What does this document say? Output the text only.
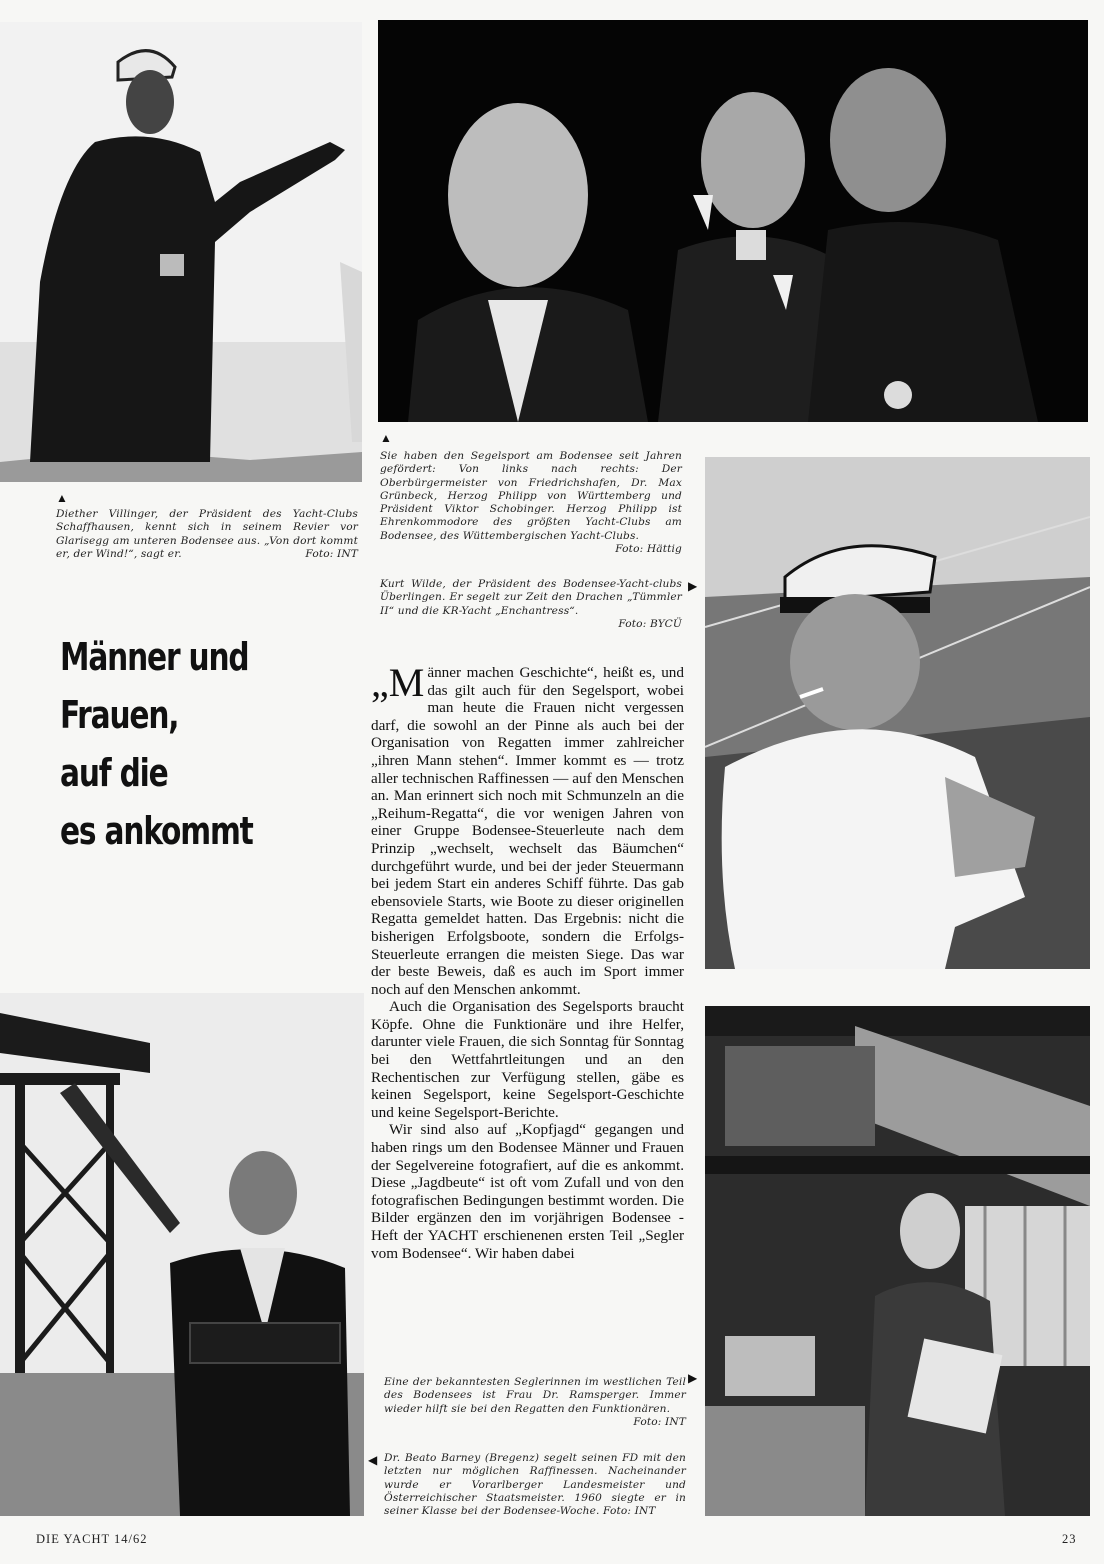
▲
Diether Villinger, der Präsident des Yacht-Clubs Schaffhausen, kennt sich in seinem Revier vor Glarisegg am unteren Bodensee aus. „Von dort kommt er, der Wind!“, sagt er.	Foto: INT
▲
Sie haben den Segelsport am Bodensee seit Jahren gefördert: Von links nach rechts: Der Oberbürgermeister von Friedrichshafen, Dr. Max Grünbeck, Herzog Philipp von Württemberg und Präsident Viktor Schobinger. Herzog Philipp ist Ehrenkommodore des größten Yacht-Clubs am Bodensee, des Wüttembergischen Yacht-Clubs.
Foto: Hättig
Kurt Wilde, der Präsident des Bodensee-Yacht-clubs Überlingen. Er segelt zur Zeit den Drachen „Tümmler II“ und die KR-Yacht „Enchantress“.
Foto: BYCÜ
▶
Männer und
Frauen,
auf die
es ankommt

„Männer machen Geschichte“, heißt es, und das gilt auch für den Segelsport, wobei man heute die Frauen nicht vergessen darf, die sowohl an der Pinne als auch bei der Organisation von Regatten immer zahlreicher „ihren Mann stehen“. Immer kommt es — trotz aller technischen Raffinessen — auf den Menschen an. Man erinnert sich noch mit Schmunzeln an die „Reihum-Regatta“, die vor wenigen Jahren von einer Gruppe Bodensee-Steuerleute nach dem Prinzip „wechselt, wechselt das Bäumchen“ durchgeführt wurde, und bei der jeder Steuermann bei jedem Start ein anderes Schiff führte. Das gab ebensoviele Starts, wie Boote zu dieser originellen Regatta gemeldet hatten. Das Ergebnis: nicht die bisherigen Erfolgsboote, sondern die Erfolgs-Steuerleute errangen die meisten Siege. Das war der beste Beweis, daß es auch im Sport immer noch auf den Menschen ankommt.

Auch die Organisation des Segelsports braucht Köpfe. Ohne die Funktionäre und ihre Helfer, darunter viele Frauen, die sich Sonntag für Sonntag bei den Wettfahrtleitungen und an den Rechentischen zur Verfügung stellen, gäbe es keinen Segelsport, keine Segelsport-Geschichte und keine Segelsport-Berichte.

Wir sind also auf „Kopfjagd“ gegangen und haben rings um den Bodensee Männer und Frauen der Segelvereine fotografiert, auf die es ankommt. Diese „Jagdbeute“ ist oft vom Zufall und von den fotografischen Bedingungen bestimmt worden. Die Bilder ergänzen den im vorjährigen Bodensee - Heft der YACHT erschienenen ersten Teil „Segler vom Bodensee“. Wir haben dabei

Eine der bekanntesten Seglerinnen im westlichen Teil des Bodensees ist Frau Dr. Ramsperger. Immer wieder hilft sie bei den Regatten den Funktionären.
Foto: INT
▶
◀ Dr. Beato Barney (Bregenz) segelt seinen FD mit den letzten nur möglichen Raffinessen. Nacheinander wurde er Vorarlberger Landesmeister und Österreichischer Staatsmeister. 1960 siegte er in seiner Klasse bei der Bodensee-Woche. Foto: INT
DIE YACHT 14/62	23
